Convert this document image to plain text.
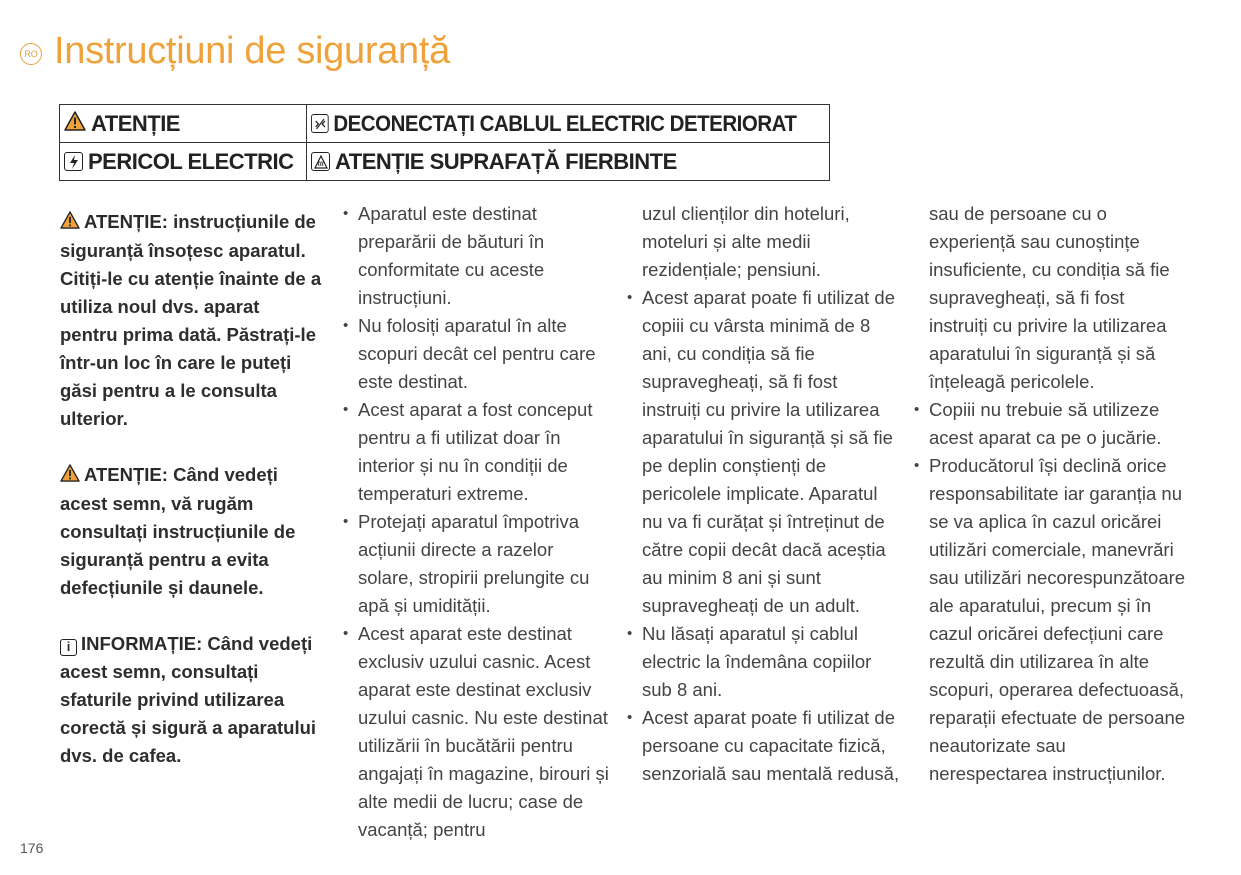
RO Instrucțiuni de siguranță
ATENȚIE	DECONECTAȚI CABLUL ELECTRIC DETERIORAT

PERICOL ELECTRIC	ATENȚIE SUPRAFAȚĂ FIERBINTE

ATENȚIE: instrucțiunile de siguranță însoțesc aparatul. Citiți-le cu atenție înainte de a utiliza noul dvs. aparat pentru prima dată. Păstrați-le într-un loc în care le puteți găsi pentru a le consulta ulterior.

ATENȚIE: Când vedeți acest semn, vă rugăm consultați instrucțiunile de siguranță pentru a evita defecțiunile și daunele.

i INFORMAȚIE: Când vedeți acest semn, consultați sfaturile privind utilizarea corectă și sigură a aparatului dvs. de cafea.

• Aparatul este destinat preparării de băuturi în conformitate cu aceste instrucțiuni.
• Nu folosiți aparatul în alte scopuri decât cel pentru care este destinat.
• Acest aparat a fost conceput pentru a fi utilizat doar în interior și nu în condiții de temperaturi extreme.
• Protejați aparatul împotriva acțiunii directe a razelor solare, stropirii prelungite cu apă și umidității.
• Acest aparat este destinat exclusiv uzului casnic. Acest aparat este destinat exclusiv uzului casnic. Nu este destinat utilizării în bucătării pentru angajați în magazine, birouri și alte medii de lucru; case de vacanță; pentru
uzul clienților din hoteluri, moteluri și alte medii rezidențiale; pensiuni.
• Acest aparat poate fi utilizat de copiii cu vârsta minimă de 8 ani, cu condiția să fie supravegheați, să fi fost instruiți cu privire la utilizarea aparatului în siguranță și să fie pe deplin conștienți de pericolele implicate. Aparatul nu va fi curățat și întreținut de către copii decât dacă aceștia au minim 8 ani și sunt supravegheați de un adult.
• Nu lăsați aparatul și cablul electric la îndemâna copiilor sub 8 ani.
• Acest aparat poate fi utilizat de persoane cu capacitate fizică, senzorială sau mentală redusă,
sau de persoane cu o experiență sau cunoștințe insuficiente, cu condiția să fie supravegheați, să fi fost instruiți cu privire la utilizarea aparatului în siguranță și să înțeleagă pericolele.
• Copiii nu trebuie să utilizeze acest aparat ca pe o jucărie.
• Producătorul își declină orice responsabilitate iar garanția nu se va aplica în cazul oricărei utilizări comerciale, manevrări sau utilizări necorespunzătoare ale aparatului, precum și în cazul oricărei defecțiuni care rezultă din utilizarea în alte scopuri, operarea defectuoasă, reparații efectuate de persoane neautorizate sau nerespectarea instrucțiunilor.
176
